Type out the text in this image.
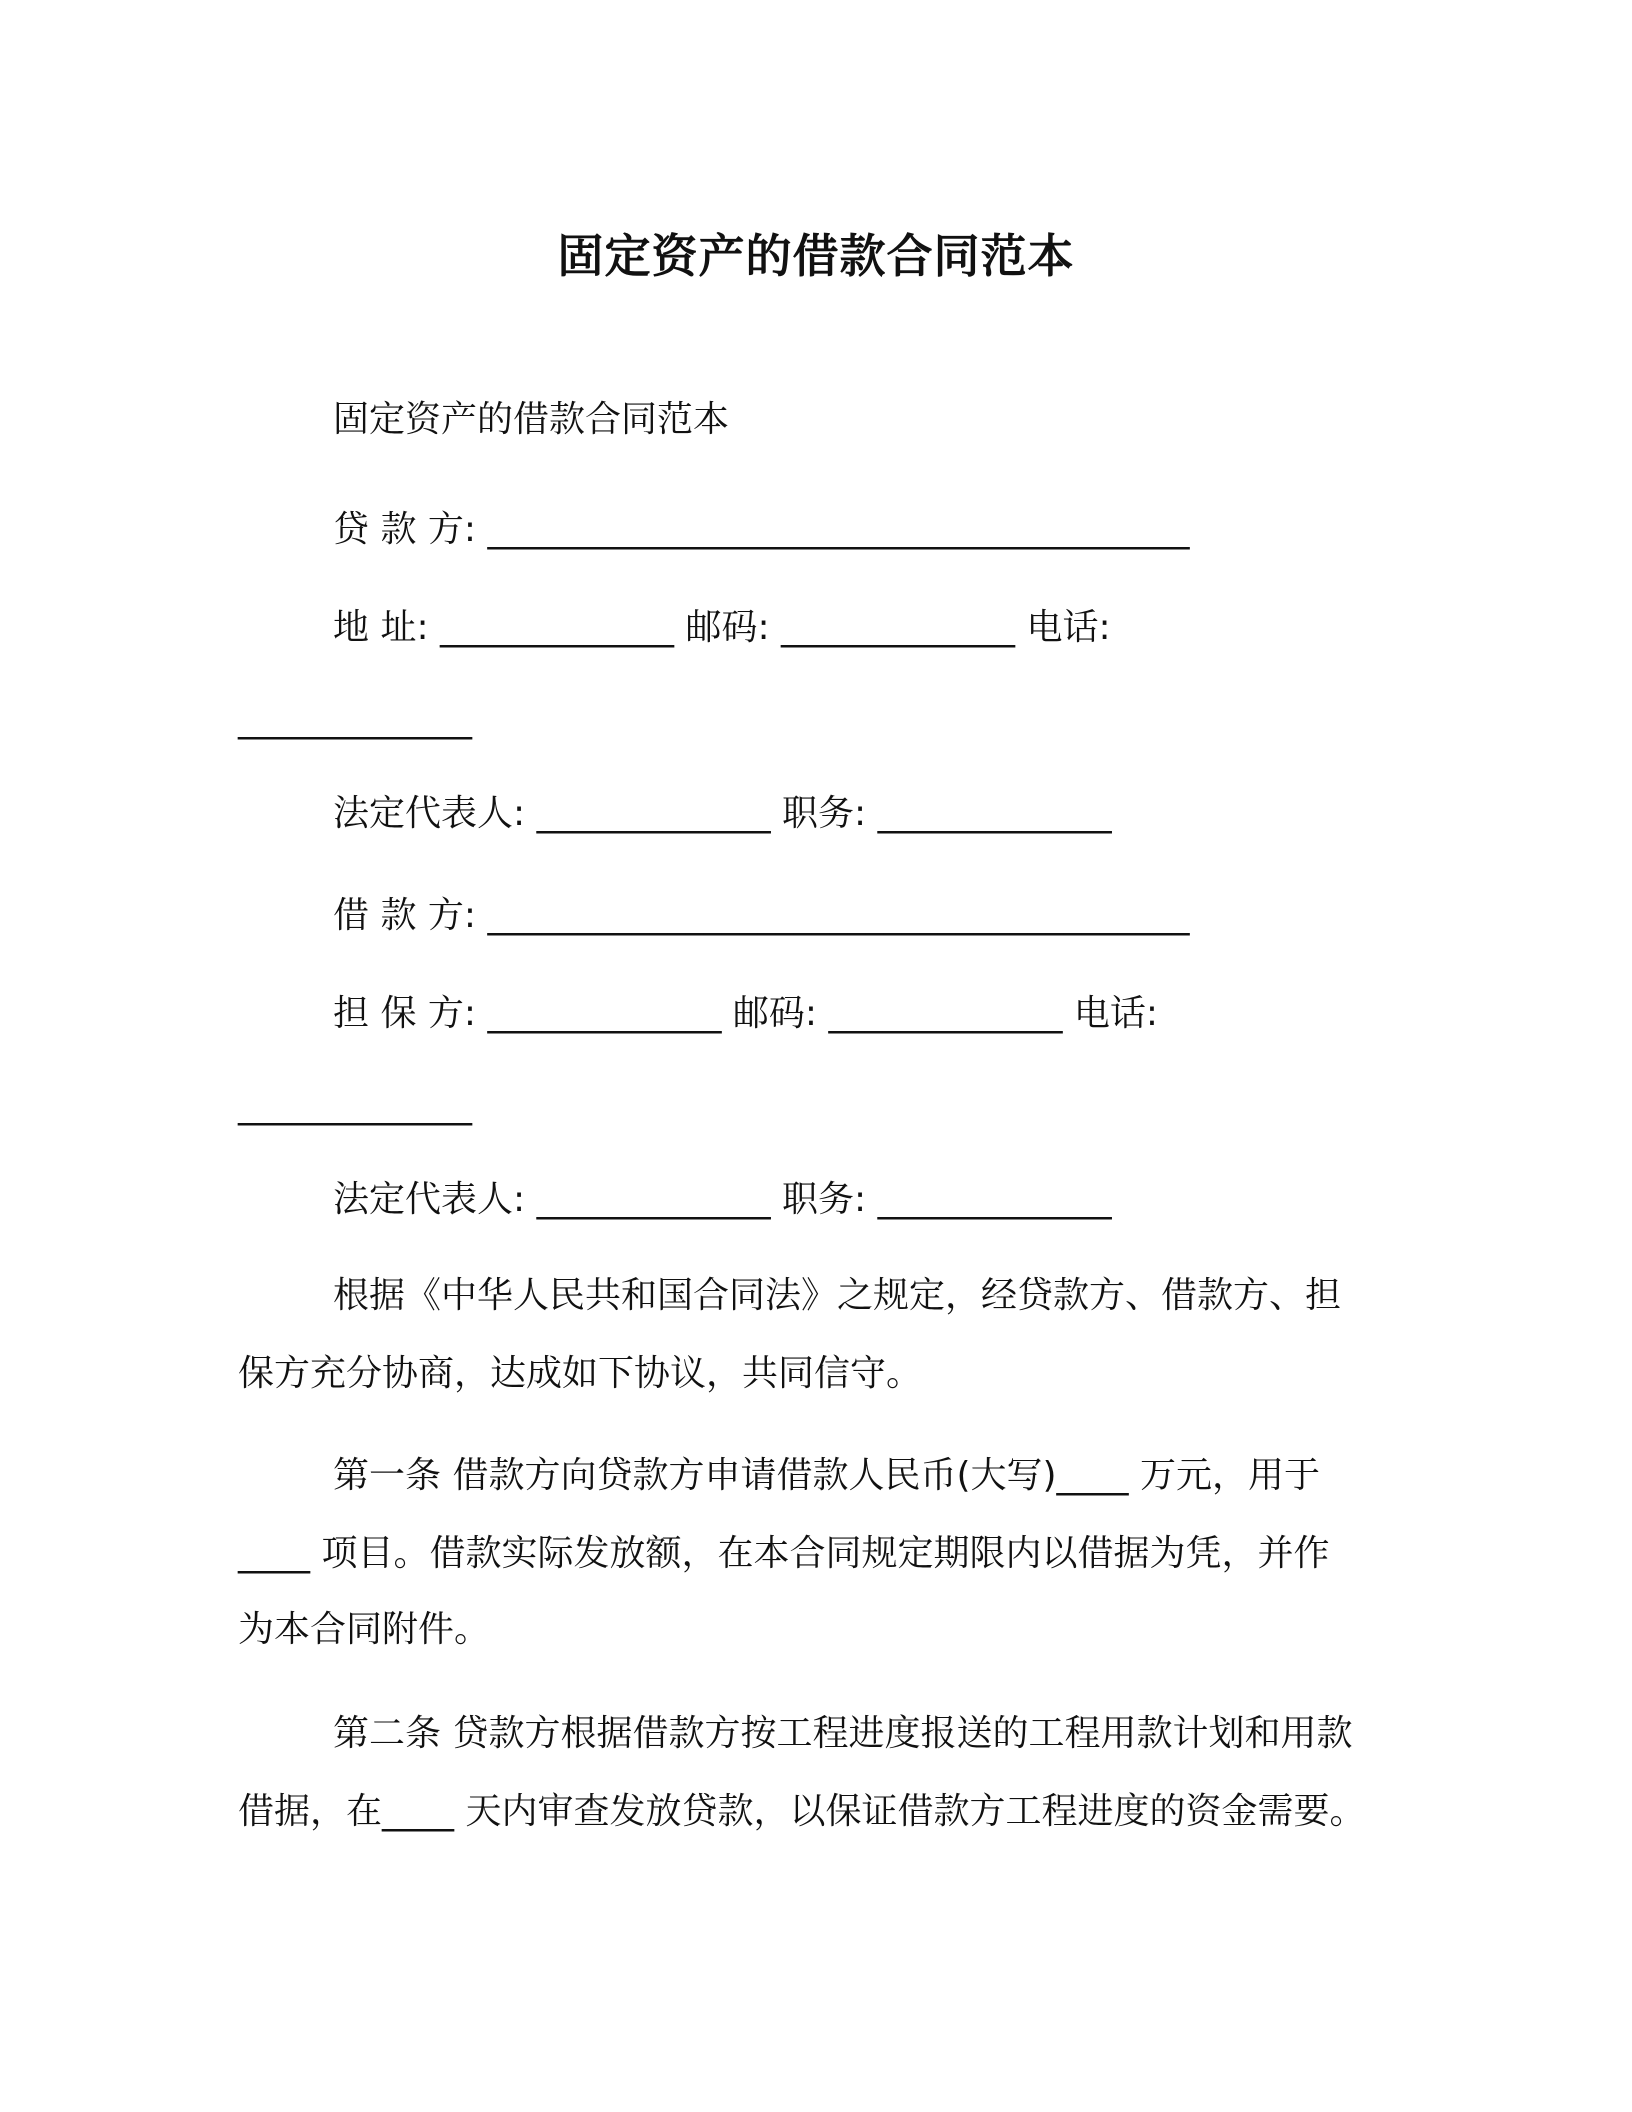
固定资产的借款合同范本
固定资产的借款合同范本
贷 款 方: _______________________________________
地 址: _____________ 邮码: _____________ 电话:
_____________
法定代表人: _____________ 职务: _____________
借 款 方: _______________________________________
担 保 方: _____________ 邮码: _____________ 电话:
_____________
法定代表人: _____________ 职务: _____________
根据《中华人民共和国合同法》之规定，经贷款方、借款方、担
保方充分协商，达成如下协议，共同信守。
第一条 借款方向贷款方申请借款人民币(大写)____ 万元，用于
____ 项目。借款实际发放额，在本合同规定期限内以借据为凭，并作
为本合同附件。
第二条 贷款方根据借款方按工程进度报送的工程用款计划和用款
借据，在____ 天内审查发放贷款，以保证借款方工程进度的资金需要。
